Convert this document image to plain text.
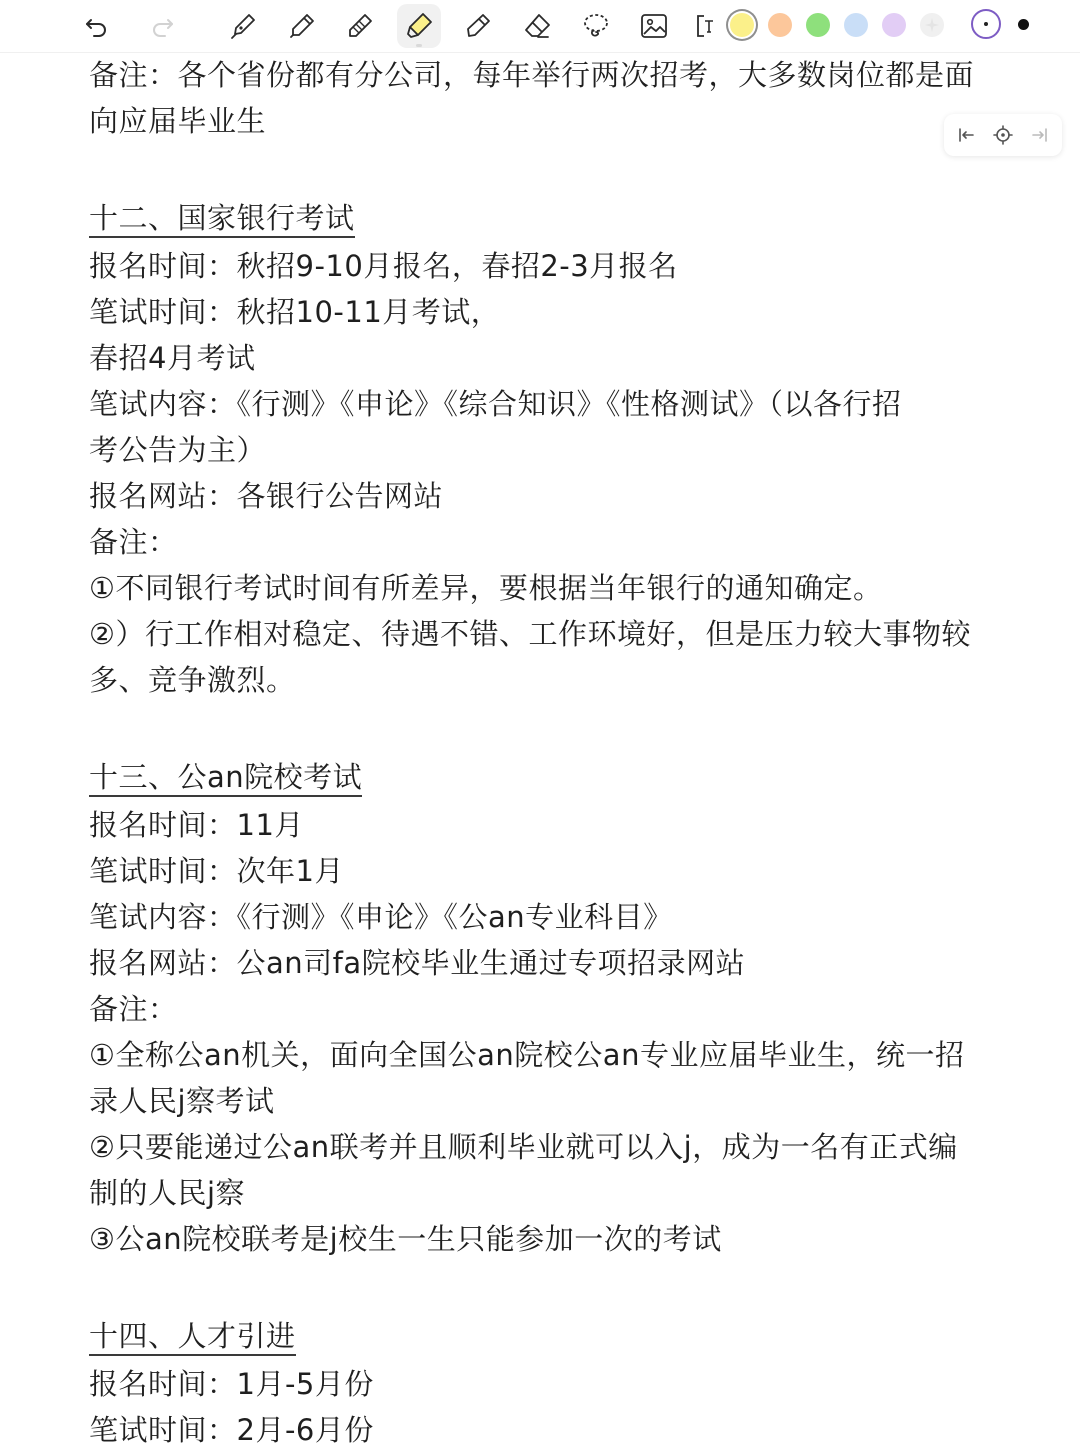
备注：各个省份都有分公司，每年举行两次招考，大多数岗位都是面
向应届毕业生
十二、国家银行考试
报名时间：秋招9-10月报名，春招2-3月报名
笔试时间：秋招10-11月考试，
春招4月考试
笔试内容：《行测》《申论》《综合知识》《性格测试》（以各行招
考公告为主）
报名网站：各银行公告网站
备注：
①不同银行考试时间有所差异，要根据当年银行的通知确定。
②）行工作相对稳定、待遇不错、工作环境好，但是压力较大事物较
多、竞争激烈。
十三、公an院校考试
报名时间：11月
笔试时间：次年1月
笔试内容：《行测》《申论》《公an专业科目》
报名网站：公an司fa院校毕业生通过专项招录网站
备注：
①全称公an机关，面向全国公an院校公an专业应届毕业生，统一招
录人民j察考试
②只要能递过公an联考并且顺利毕业就可以入j，成为一名有正式编
制的人民j察
③公an院校联考是j校生一生只能参加一次的考试
十四、人才引进
报名时间：1月-5月份
笔试时间：2月-6月份
